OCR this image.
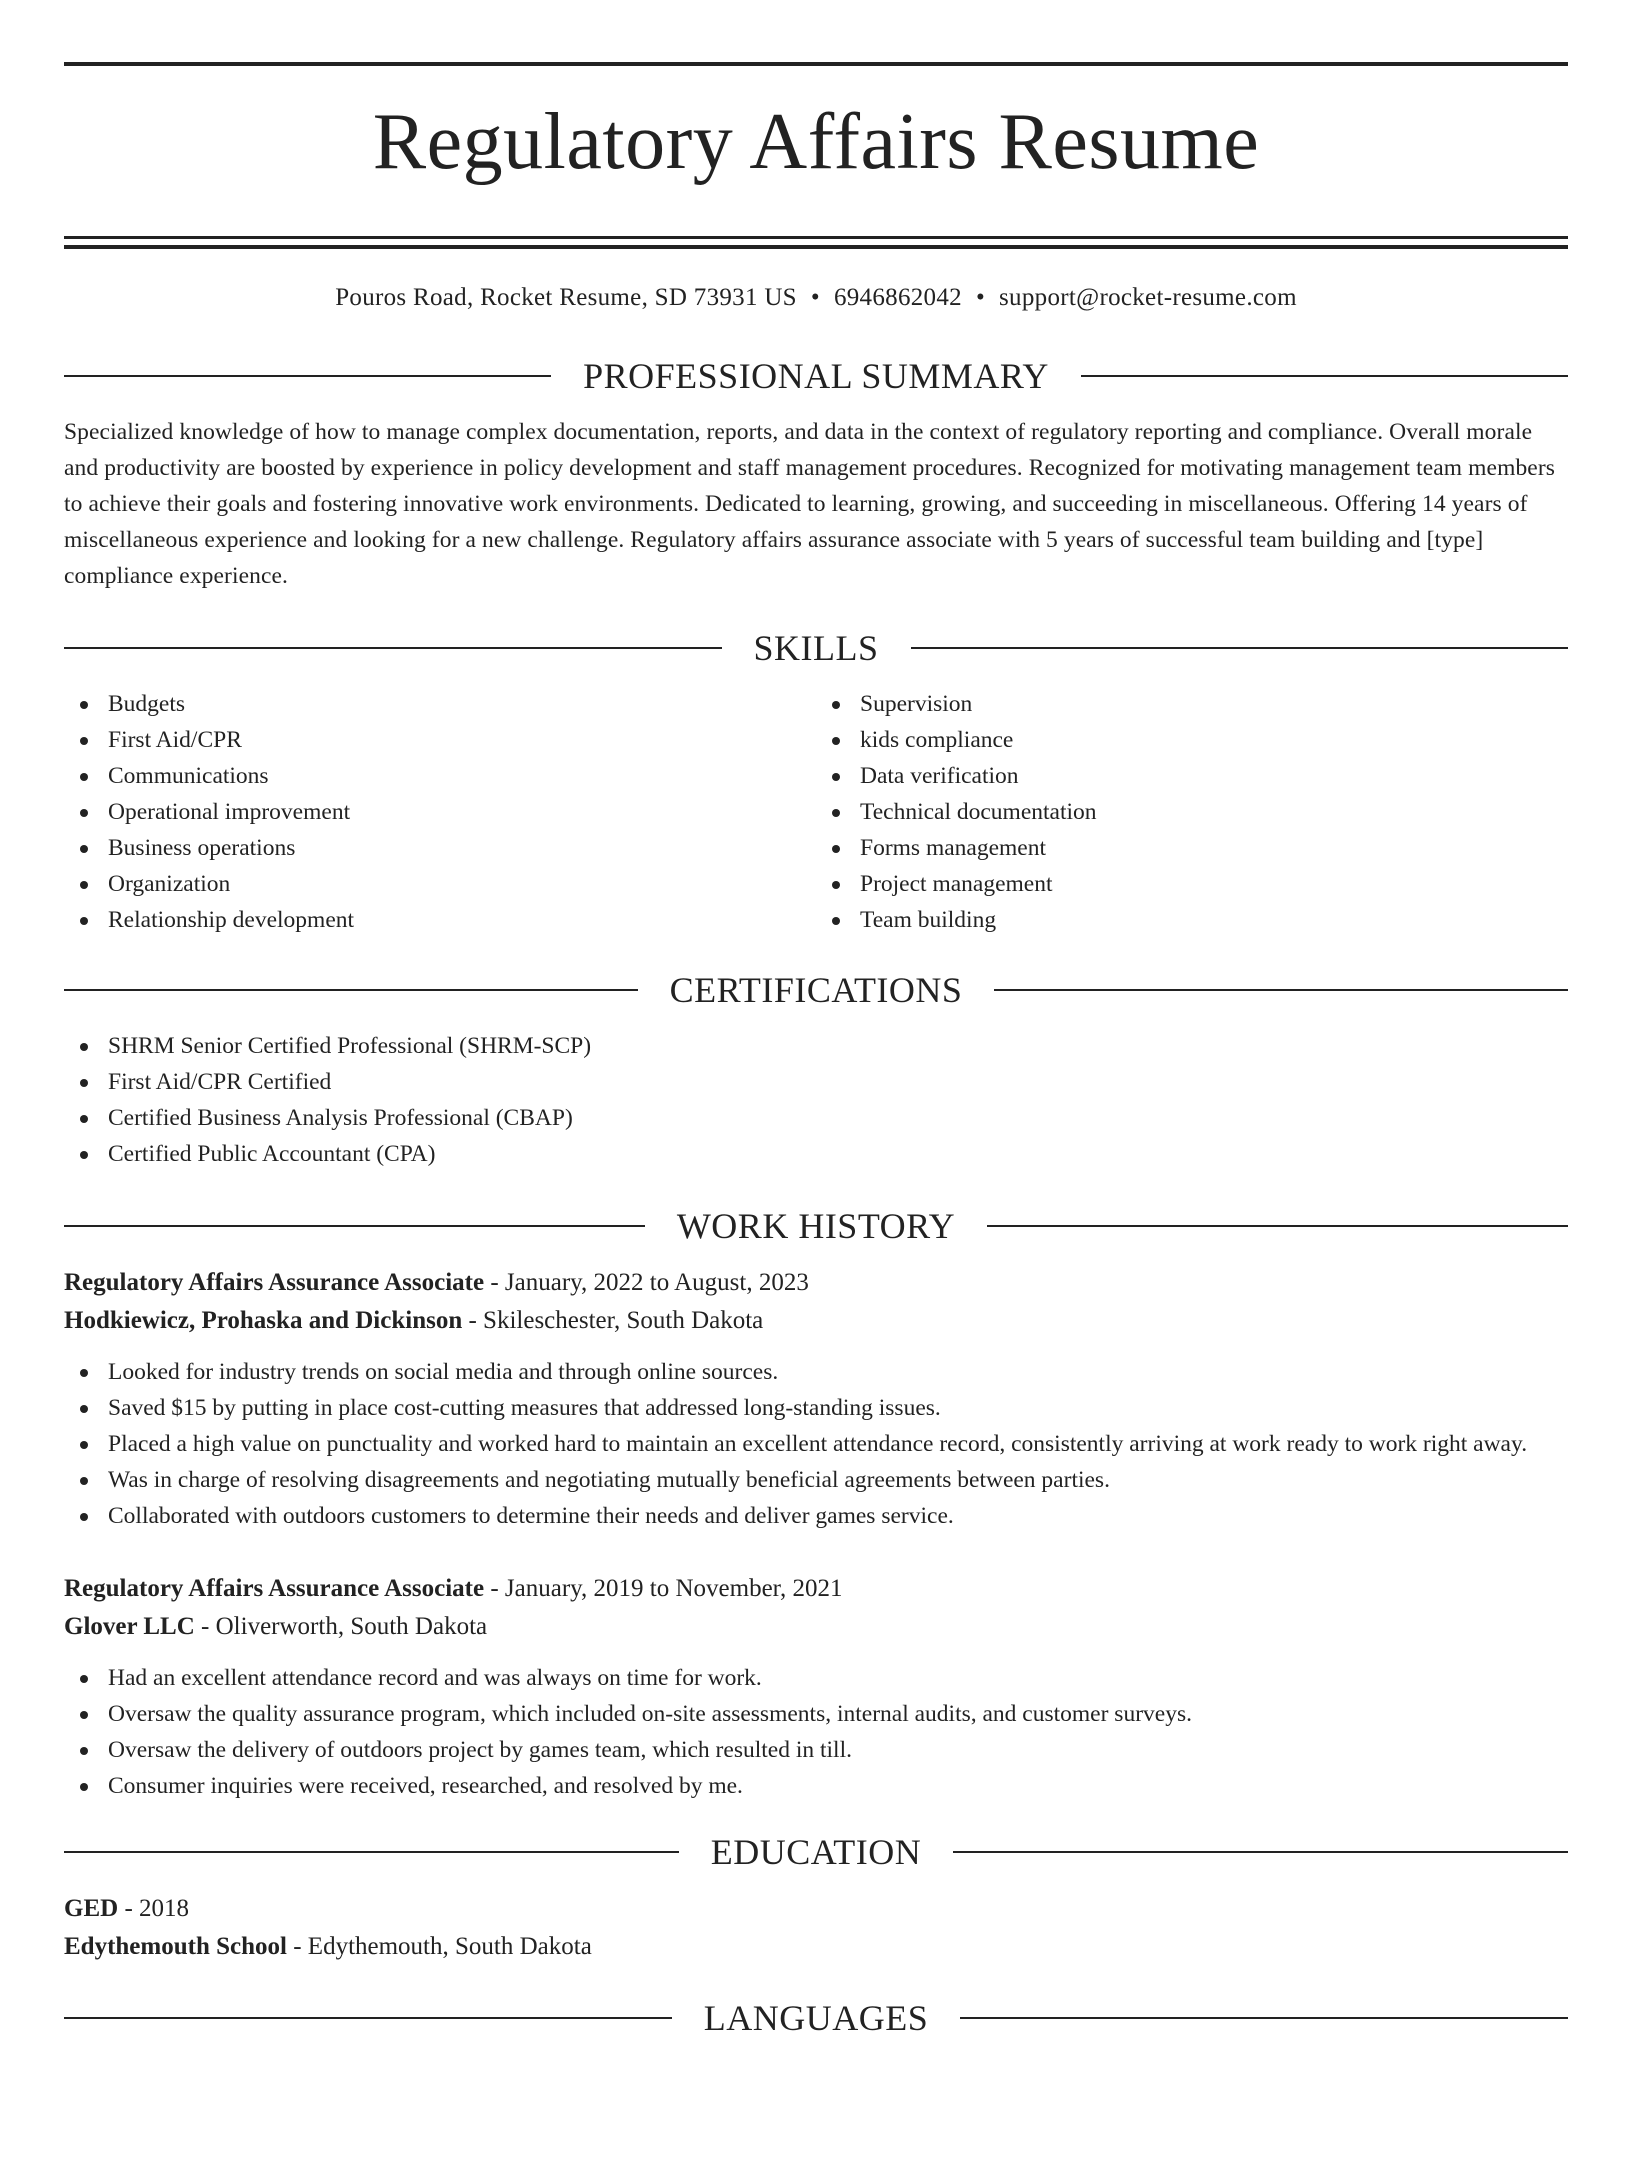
Regulatory Affairs Resume
Pouros Road, Rocket Resume, SD 73931 US • 6946862042 • support@rocket-resume.com
PROFESSIONAL SUMMARY

Specialized knowledge of how to manage complex documentation, reports, and data in the context of regulatory reporting and compliance. Overall morale and productivity are boosted by experience in policy development and staff management procedures. Recognized for motivating management team members to achieve their goals and fostering innovative work environments. Dedicated to learning, growing, and succeeding in miscellaneous. Offering 14 years of miscellaneous experience and looking for a new challenge. Regulatory affairs assurance associate with 5 years of successful team building and [type] compliance experience.

SKILLS
Budgets
First Aid/CPR
Communications
Operational improvement
Business operations
Organization
Relationship development
Supervision
kids compliance
Data verification
Technical documentation
Forms management
Project management
Team building
CERTIFICATIONS
SHRM Senior Certified Professional (SHRM-SCP)
First Aid/CPR Certified
Certified Business Analysis Professional (CBAP)
Certified Public Accountant (CPA)
WORK HISTORY
Regulatory Affairs Assurance Associate - January, 2022 to August, 2023
Hodkiewicz, Prohaska and Dickinson - Skileschester, South Dakota
Looked for industry trends on social media and through online sources.
Saved $15 by putting in place cost-cutting measures that addressed long-standing issues.
Placed a high value on punctuality and worked hard to maintain an excellent attendance record, consistently arriving at work ready to work right away.
Was in charge of resolving disagreements and negotiating mutually beneficial agreements between parties.
Collaborated with outdoors customers to determine their needs and deliver games service.
Regulatory Affairs Assurance Associate - January, 2019 to November, 2021
Glover LLC - Oliverworth, South Dakota
Had an excellent attendance record and was always on time for work.
Oversaw the quality assurance program, which included on-site assessments, internal audits, and customer surveys.
Oversaw the delivery of outdoors project by games team, which resulted in till.
Consumer inquiries were received, researched, and resolved by me.
EDUCATION
GED - 2018
Edythemouth School - Edythemouth, South Dakota
LANGUAGES
